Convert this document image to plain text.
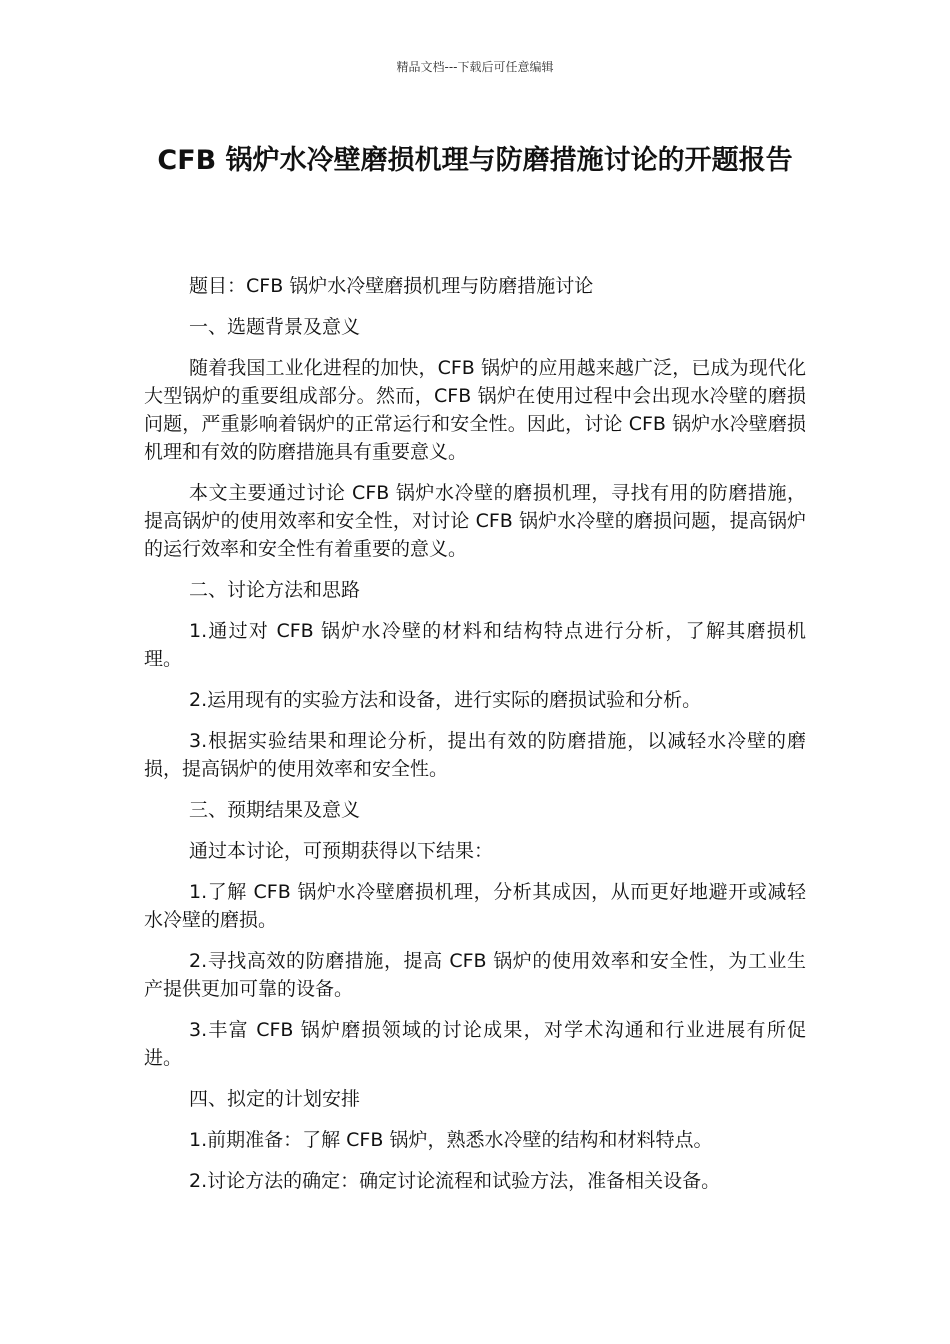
精品文档---下载后可任意编辑
CFB 锅炉水冷壁磨损机理与防磨措施讨论的开题报告

题目：CFB 锅炉水冷壁磨损机理与防磨措施讨论

一、选题背景及意义

随着我国工业化进程的加快，CFB 锅炉的应用越来越广泛，已成为现代化大型锅炉的重要组成部分。然而，CFB 锅炉在使用过程中会出现水冷壁的磨损问题，严重影响着锅炉的正常运行和安全性。因此，讨论 CFB 锅炉水冷壁磨损机理和有效的防磨措施具有重要意义。

本文主要通过讨论 CFB 锅炉水冷壁的磨损机理，寻找有用的防磨措施，提高锅炉的使用效率和安全性，对讨论 CFB 锅炉水冷壁的磨损问题，提高锅炉的运行效率和安全性有着重要的意义。

二、讨论方法和思路

1.通过对 CFB 锅炉水冷壁的材料和结构特点进行分析，了解其磨损机理。

2.运用现有的实验方法和设备，进行实际的磨损试验和分析。

3.根据实验结果和理论分析，提出有效的防磨措施，以减轻水冷壁的磨损，提高锅炉的使用效率和安全性。

三、预期结果及意义

通过本讨论，可预期获得以下结果：

1.了解 CFB 锅炉水冷壁磨损机理，分析其成因，从而更好地避开或减轻水冷壁的磨损。

2.寻找高效的防磨措施，提高 CFB 锅炉的使用效率和安全性，为工业生产提供更加可靠的设备。

3.丰富 CFB 锅炉磨损领域的讨论成果，对学术沟通和行业进展有所促进。

四、拟定的计划安排

1.前期准备：了解 CFB 锅炉，熟悉水冷壁的结构和材料特点。

2.讨论方法的确定：确定讨论流程和试验方法，准备相关设备。
